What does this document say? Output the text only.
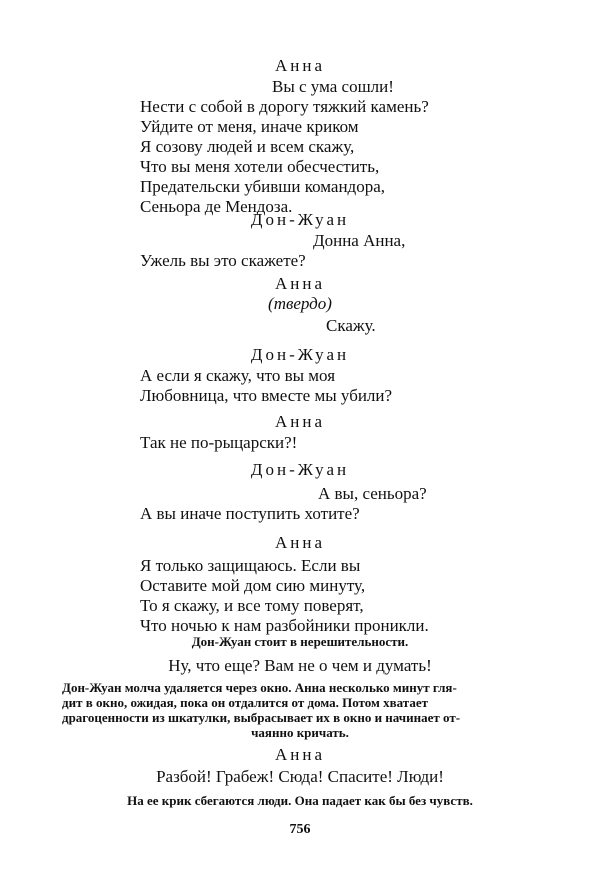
Анна
Вы с ума сошли!
Нести с собой в дорогу тяжкий камень?
Уйдите от меня, иначе криком
Я созову людей и всем скажу,
Что вы меня хотели обесчестить,
Предательски убивши командора,
Сеньора де Мендоза.
Дон-Жуан
Донна Анна,
Ужель вы это скажете?
Анна
(твердо)
Скажу.
Дон-Жуан
А если я скажу, что вы моя
Любовница, что вместе мы убили?
Анна
Так не по-рыцарски?!
Дон-Жуан
А вы, сеньора?
А вы иначе поступить хотите?
Анна
Я только защищаюсь. Если вы
Оставите мой дом сию минуту,
То я скажу, и все тому поверят,
Что ночью к нам разбойники проникли.
Дон-Жуан стоит в нерешительности.
Ну, что еще? Вам не о чем и думать!
Дон-Жуан молча удаляется через окно. Анна несколько минут гля-
дит в окно, ожидая, пока он отдалится от дома. Потом хватает
драгоценности из шкатулки, выбрасывает их в окно и начинает от-
чаянно кричать.
Анна
Разбой! Грабеж! Сюда! Спасите! Люди!
На ее крик сбегаются люди. Она падает как бы без чувств.
756
